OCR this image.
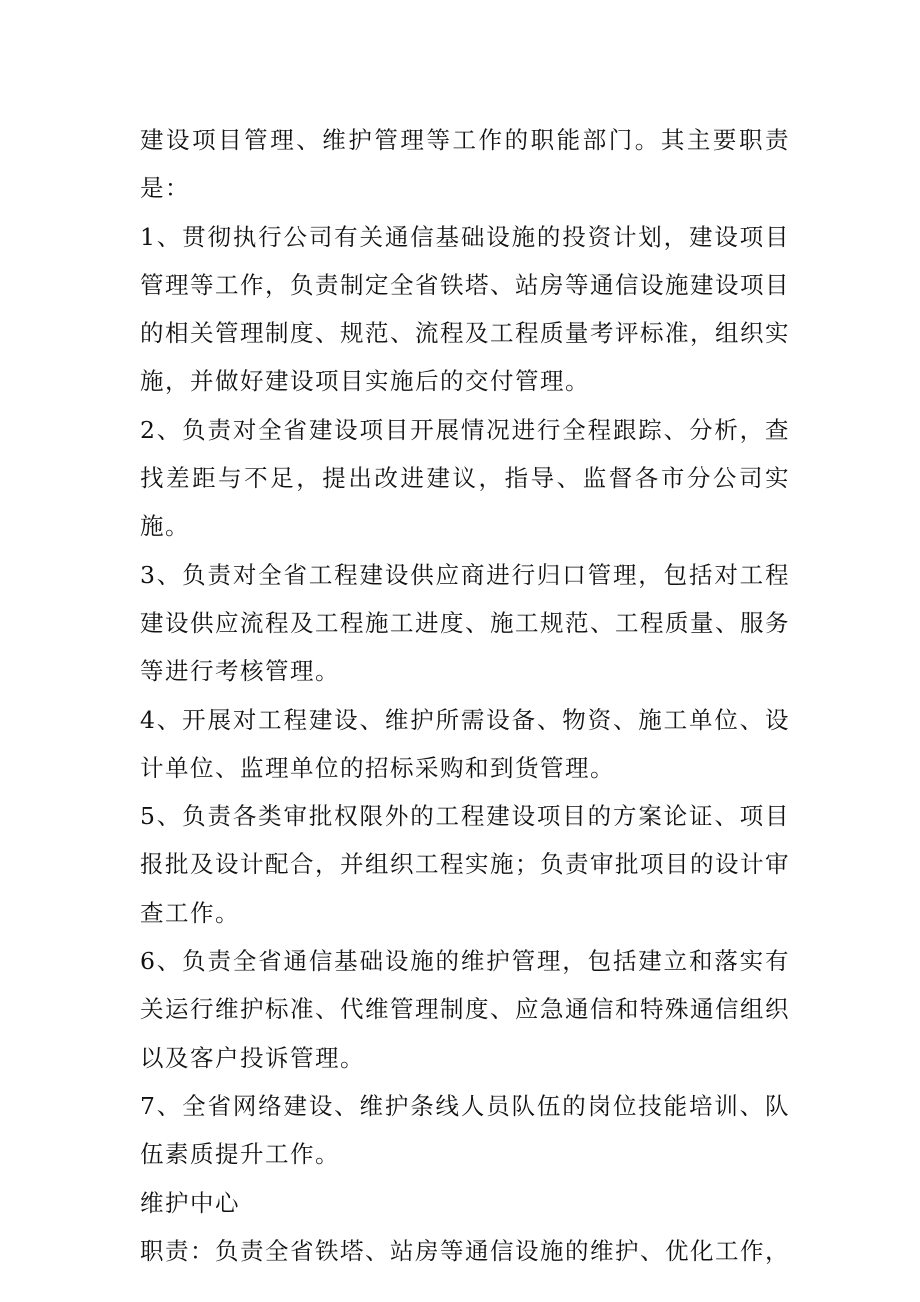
建设项目管理、维护管理等工作的职能部门。其主要职责是：

1、贯彻执行公司有关通信基础设施的投资计划，建设项目管理等工作，负责制定全省铁塔、站房等通信设施建设项目的相关管理制度、规范、流程及工程质量考评标准，组织实施，并做好建设项目实施后的交付管理。

2、负责对全省建设项目开展情况进行全程跟踪、分析，查找差距与不足，提出改进建议，指导、监督各市分公司实施。

3、负责对全省工程建设供应商进行归口管理，包括对工程建设供应流程及工程施工进度、施工规范、工程质量、服务等进行考核管理。

4、开展对工程建设、维护所需设备、物资、施工单位、设计单位、监理单位的招标采购和到货管理。

5、负责各类审批权限外的工程建设项目的方案论证、项目报批及设计配合，并组织工程实施；负责审批项目的设计审查工作。

6、负责全省通信基础设施的维护管理，包括建立和落实有关运行维护标准、代维管理制度、应急通信和特殊通信组织以及客户投诉管理。

7、全省网络建设、维护条线人员队伍的岗位技能培训、队伍素质提升工作。

维护中心

职责：负责全省铁塔、站房等通信设施的维护、优化工作，
